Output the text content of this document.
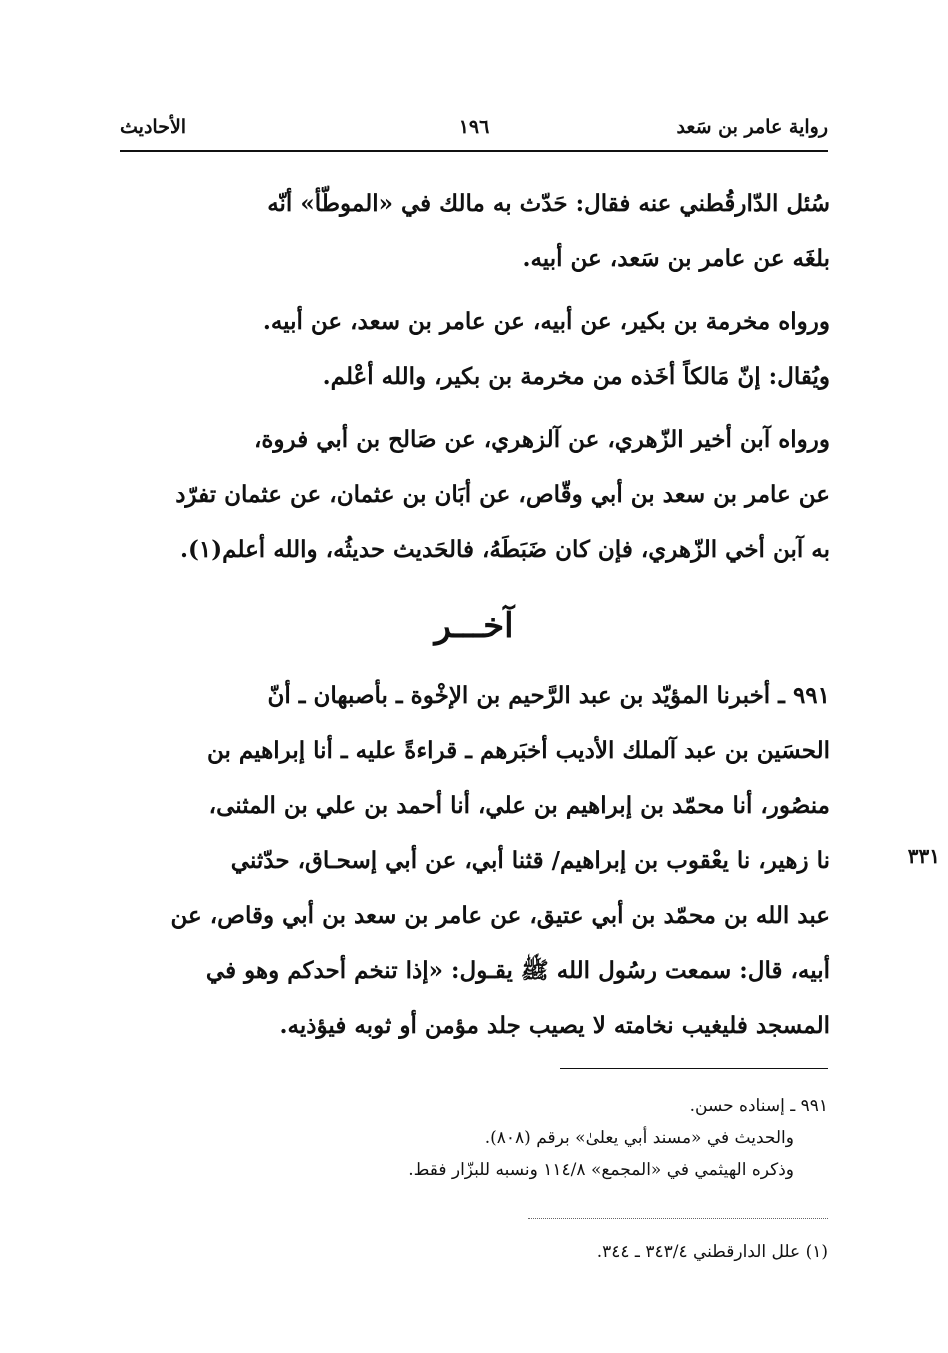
رواية عامر بن سَعد
١٩٦
الأحاديث
سُئل الدّارقُطني عنه فقال: حَدّث به مالك في «الموطّأ» أنّه
بلغَه عن عامر بن سَعد، عن أبيه.
ورواه مخرمة بن بكير، عن أبيه، عن عامر بن سعد، عن أبيه.
ويُقال: إنّ مَالكاً أخَذه من مخرمة بن بكير، والله أعْلم.
ورواه آبن أخير الزّهري، عن آلزهري، عن صَالح بن أبي فروة،
عن عامر بن سعد بن أبي وقّاص، عن أبَان بن عثمان، عن عثمان تفرّد
به آبن أخي الزّهري، فإن كان ضَبَطَهُ، فالحَديث حديثُه، والله أعلم(١).
آخـــر
٩٩١ ـ أخبرنا المؤيّد بن عبد الرَّحيم بن الإخْوة ـ بأصبهان ـ أنّ
الحسَين بن عبد آلملك الأديب أخبَرهم ـ قراءةً عليه ـ أنا إبراهيم بن
منصُور، أنا محمّد بن إبراهيم بن علي، أنا أحمد بن علي بن المثنى،
نا زهير، نا يعْقوب بن إبراهيم/ قثنا أبي، عن أبي إسحـاق، حدّثني
عبد الله بن محمّد بن أبي عتيق، عن عامر بن سعد بن أبي وقاص، عن
أبيه، قال: سمعت رسُول الله ﷺ يقـول: «إذا تنخم أحدكم وهو في
المسجد فليغيب نخامته لا يصيب جلد مؤمن أو ثوبه فيؤذيه.
٣٣١
٩٩١ ـ إسناده حسن.
والحديث في «مسند أبي يعلىٰ» برقم (٨٠٨).
وذكره الهيثمي في «المجمع» ١١٤/٨ ونسبه للبزّار فقط.
(١) علل الدارقطني ٣٤٣/٤ ـ ٣٤٤.
